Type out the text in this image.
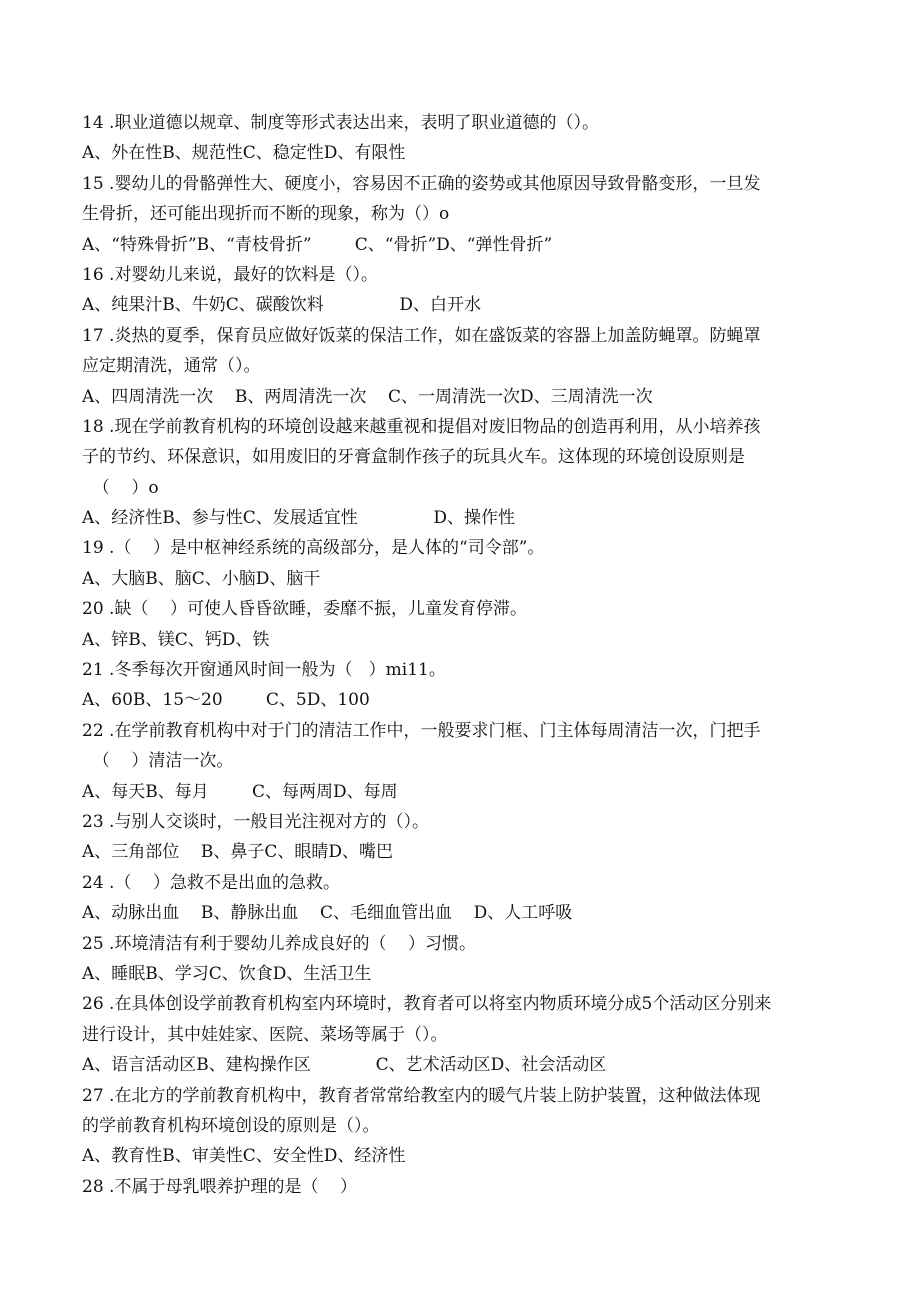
14 .职业道德以规章、制度等形式表达出来，表明了职业道德的（）。
A、外在性B、规范性C、稳定性D、有限性
15 .婴幼儿的骨骼弹性大、硬度小，容易因不正确的姿势或其他原因导致骨骼变形，一旦发
生骨折，还可能出现折而不断的现象，称为（）o
A、“特殊骨折”B、“青枝骨折”        C、“骨折”D、“弹性骨折”
16 .对婴幼儿来说，最好的饮料是（）。
A、纯果汁B、牛奶C、碳酸饮料              D、白开水
17 .炎热的夏季，保育员应做好饭菜的保洁工作，如在盛饭菜的容器上加盖防蝇罩。防蝇罩
应定期清洗，通常（）。
A、四周清洗一次    B、两周清洗一次    C、一周清洗一次D、三周清洗一次
18 .现在学前教育机构的环境创设越来越重视和提倡对废旧物品的创造再利用，从小培养孩
子的节约、环保意识，如用废旧的牙膏盒制作孩子的玩具火车。这体现的环境创设原则是
（    ）o
A、经济性B、参与性C、发展适宜性              D、操作性
19 .（    ）是中枢神经系统的高级部分，是人体的“司令部”。
A、大脑B、脑C、小脑D、脑干
20 .缺（    ）可使人昏昏欲睡，委靡不振，儿童发育停滞。
A、锌B、镁C、钙D、铁
21 .冬季每次开窗通风时间一般为（   ）mi11。
A、60B、15～20        C、5D、100
22 .在学前教育机构中对于门的清洁工作中，一般要求门框、门主体每周清洁一次，门把手
（    ）清洁一次。
A、每天B、每月        C、每两周D、每周
23 .与别人交谈时，一般目光注视对方的（）。
A、三角部位    B、鼻子C、眼睛D、嘴巴
24 .（    ）急救不是出血的急救。
A、动脉出血    B、静脉出血    C、毛细血管出血    D、人工呼吸
25 .环境清洁有利于婴幼儿养成良好的（    ）习惯。
A、睡眠B、学习C、饮食D、生活卫生
26 .在具体创设学前教育机构室内环境时，教育者可以将室内物质环境分成5个活动区分别来
进行设计，其中娃娃家、医院、菜场等属于（）。
A、语言活动区B、建构操作区            C、艺术活动区D、社会活动区
27 .在北方的学前教育机构中，教育者常常给教室内的暖气片装上防护装置，这种做法体现
的学前教育机构环境创设的原则是（）。
A、教育性B、审美性C、安全性D、经济性
28 .不属于母乳喂养护理的是（    ）
